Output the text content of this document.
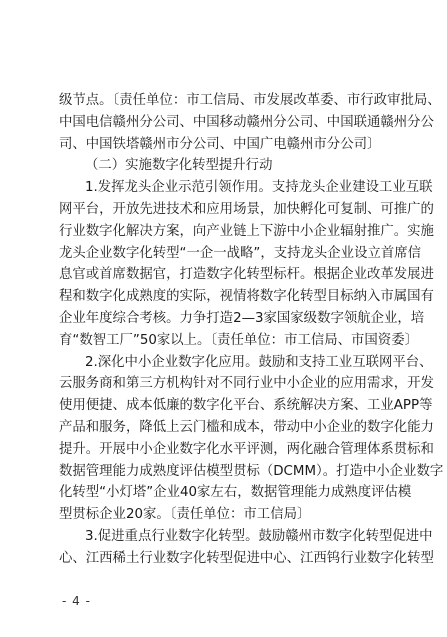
级节点。〔责任单位：市工信局、市发展改革委、市行政审批局、
中国电信赣州分公司、中国移动赣州分公司、中国联通赣州分公
司、中国铁塔赣州市分公司、中国广电赣州市分公司〕
（二）实施数字化转型提升行动
1.发挥龙头企业示范引领作用。支持龙头企业建设工业互联
网平台，开放先进技术和应用场景，加快孵化可复制、可推广的
行业数字化解决方案，向产业链上下游中小企业辐射推广。实施
龙头企业数字化转型“一企一战略”，支持龙头企业设立首席信
息官或首席数据官，打造数字化转型标杆。根据企业改革发展进
程和数字化成熟度的实际，视情将数字化转型目标纳入市属国有
企业年度综合考核。力争打造2—3家国家级数字领航企业，培
育“数智工厂”50家以上。〔责任单位：市工信局、市国资委〕
2.深化中小企业数字化应用。鼓励和支持工业互联网平台、
云服务商和第三方机构针对不同行业中小企业的应用需求，开发
使用便捷、成本低廉的数字化平台、系统解决方案、工业APP等
产品和服务，降低上云门槛和成本，带动中小企业的数字化能力
提升。开展中小企业数字化水平评测，两化融合管理体系贯标和
数据管理能力成熟度评估模型贯标（DCMM）。打造中小企业数字
化转型“小灯塔”企业40家左右，数据管理能力成熟度评估模
型贯标企业20家。〔责任单位：市工信局〕
3.促进重点行业数字化转型。鼓励赣州市数字化转型促进中
心、江西稀土行业数字化转型促进中心、江西钨行业数字化转型
- 4 -
